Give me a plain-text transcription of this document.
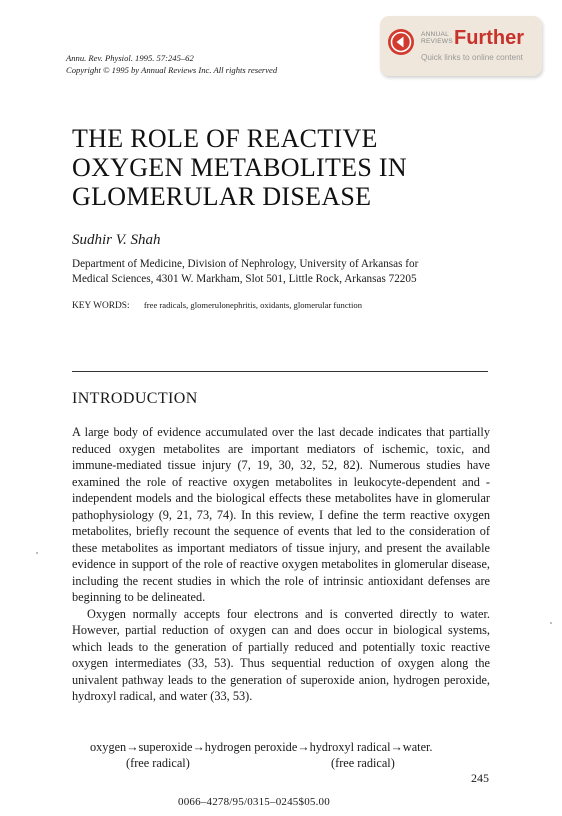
Annu. Rev. Physiol. 1995. 57:245–62
Copyright © 1995 by Annual Reviews Inc. All rights reserved
ANNUAL
REVIEWS Further
Quick links to online content
THE ROLE OF REACTIVE
OXYGEN METABOLITES IN
GLOMERULAR DISEASE
Sudhir V. Shah
Department of Medicine, Division of Nephrology, University of Arkansas for
Medical Sciences, 4301 W. Markham, Slot 501, Little Rock, Arkansas 72205
KEY WORDS: free radicals, glomerulonephritis, oxidants, glomerular function
INTRODUCTION

A large body of evidence accumulated over the last decade indicates that partially reduced oxygen metabolites are important mediators of ischemic, toxic, and immune-mediated tissue injury (7, 19, 30, 32, 52, 82). Numerous studies have examined the role of reactive oxygen metabolites in leukocyte-dependent and -independent models and the biological effects these metabolites have in glomerular pathophysiology (9, 21, 73, 74). In this review, I define the term reactive oxygen metabolites, briefly recount the sequence of events that led to the consideration of these metabolites as important mediators of tissue injury, and present the available evidence in support of the role of reactive oxygen metabolites in glomerular disease, including the recent studies in which the role of intrinsic antioxidant defenses are beginning to be delineated.

Oxygen normally accepts four electrons and is converted directly to water. However, partial reduction of oxygen can and does occur in biological systems, which leads to the generation of partially reduced and potentially toxic reactive oxygen intermediates (33, 53). Thus sequential reduction of oxygen along the univalent pathway leads to the generation of superoxide anion, hydrogen peroxide, hydroxyl radical, and water (33, 53).

oxygen→superoxide→hydrogen peroxide→hydroxyl radical→water.
(free radical)	(free radical)
245
0066–4278/95/0315–0245$05.00
